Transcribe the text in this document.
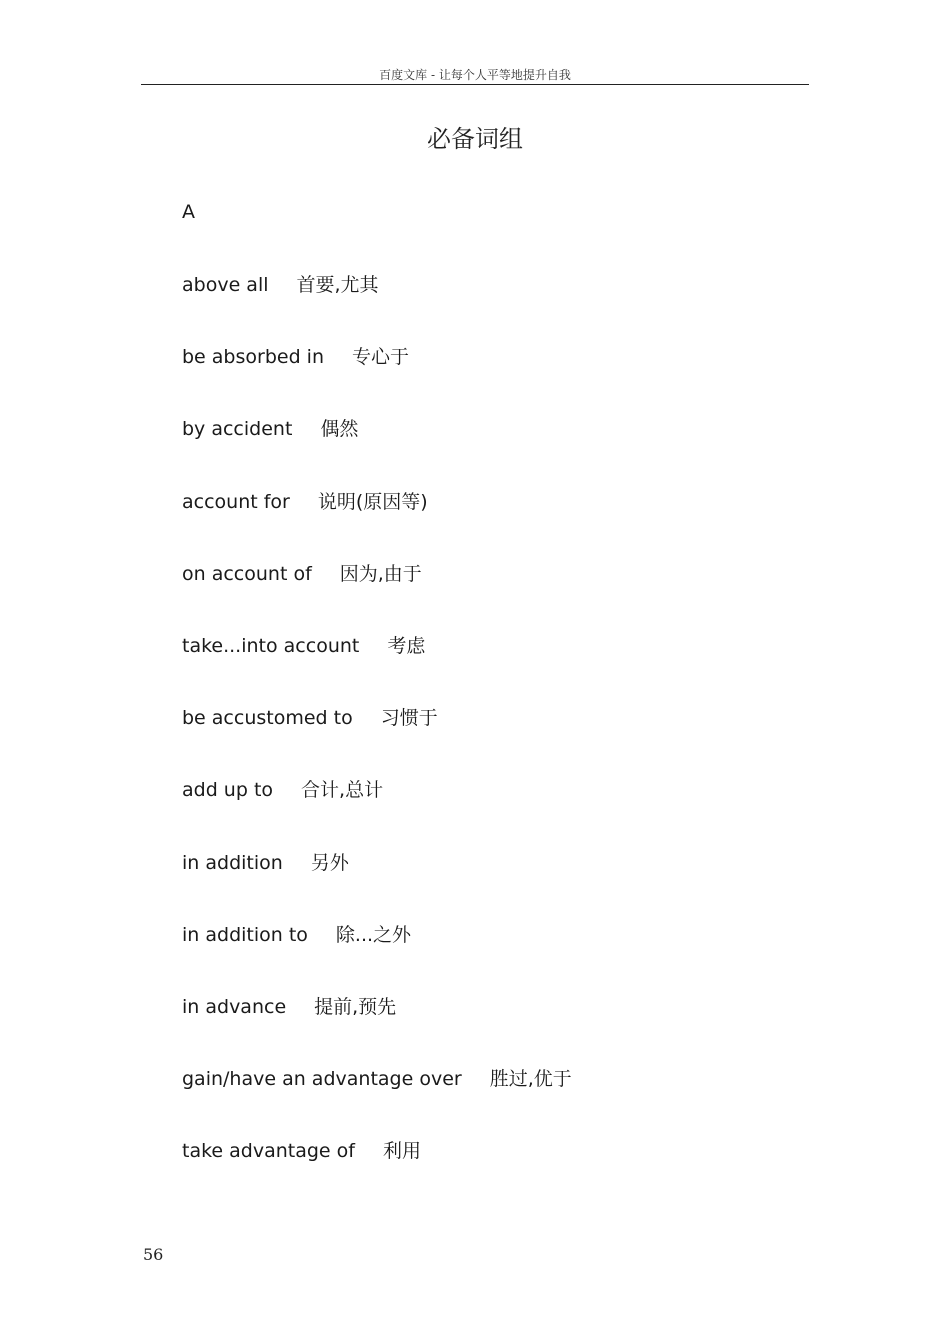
百度文库 - 让每个人平等地提升自我
必备词组
A
above all 首要,尤其
be absorbed in 专心于
by accident 偶然
account for 说明(原因等)
on account of 因为,由于
take...into account 考虑
be accustomed to 习惯于
add up to 合计,总计
in addition 另外
in addition to 除...之外
in advance 提前,预先
gain/have an advantage over 胜过,优于
take advantage of 利用
56
